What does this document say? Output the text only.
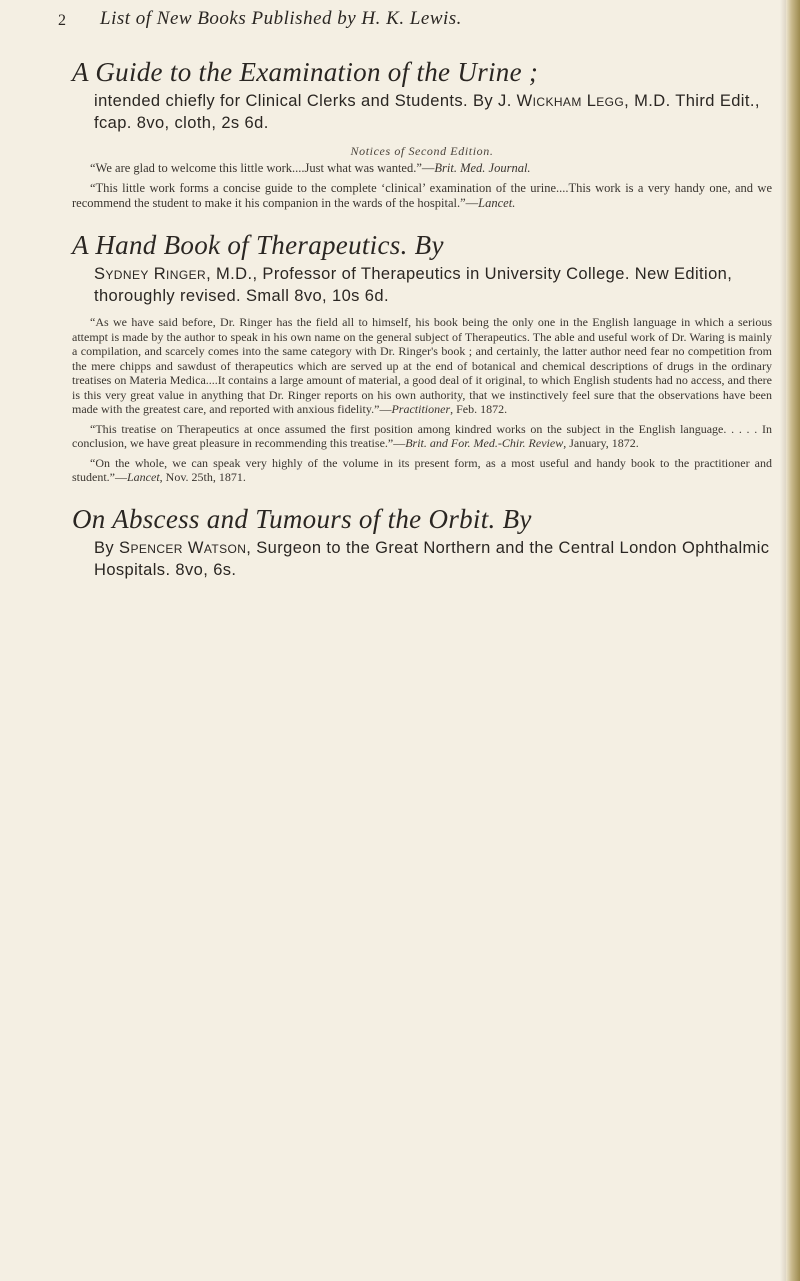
2 List of New Books Published by H. K. Lewis.
A Guide to the Examination of the Urine ;

intended chiefly for Clinical Clerks and Students. By J. Wickham Legg, M.D. Third Edit., fcap. 8vo, cloth, 2s 6d.

Notices of Second Edition.

“We are glad to welcome this little work....Just what was wanted.”—Brit. Med. Journal.

“This little work forms a concise guide to the complete ‘clinical’ examination of the urine....This work is a very handy one, and we recommend the student to make it his companion in the wards of the hospital.”—Lancet.

A Hand Book of Therapeutics. By

Sydney Ringer, M.D., Professor of Therapeutics in University College. New Edition, thoroughly revised. Small 8vo, 10s 6d.

“As we have said before, Dr. Ringer has the field all to himself, his book being the only one in the English language in which a serious attempt is made by the author to speak in his own name on the general subject of Therapeutics. The able and useful work of Dr. Waring is mainly a compilation, and scarcely comes into the same category with Dr. Ringer's book ; and certainly, the latter author need fear no competition from the mere chipps and sawdust of therapeutics which are served up at the end of botanical and chemical descriptions of drugs in the ordinary treatises on Materia Medica....It contains a large amount of material, a good deal of it original, to which English students had no access, and there is this very great value in anything that Dr. Ringer reports on his own authority, that we instinctively feel sure that the observations have been made with the greatest care, and reported with anxious fidelity.”—Practitioner, Feb. 1872.

“This treatise on Therapeutics at once assumed the first position among kindred works on the subject in the English language. . . . . In conclusion, we have great pleasure in recommending this treatise.”—Brit. and For. Med.-Chir. Review, January, 1872.

“On the whole, we can speak very highly of the volume in its present form, as a most useful and handy book to the practitioner and student.”—Lancet, Nov. 25th, 1871.

On Abscess and Tumours of the Orbit. By

By Spencer Watson, Surgeon to the Great Northern and the Central London Ophthalmic Hospitals. 8vo, 6s.
